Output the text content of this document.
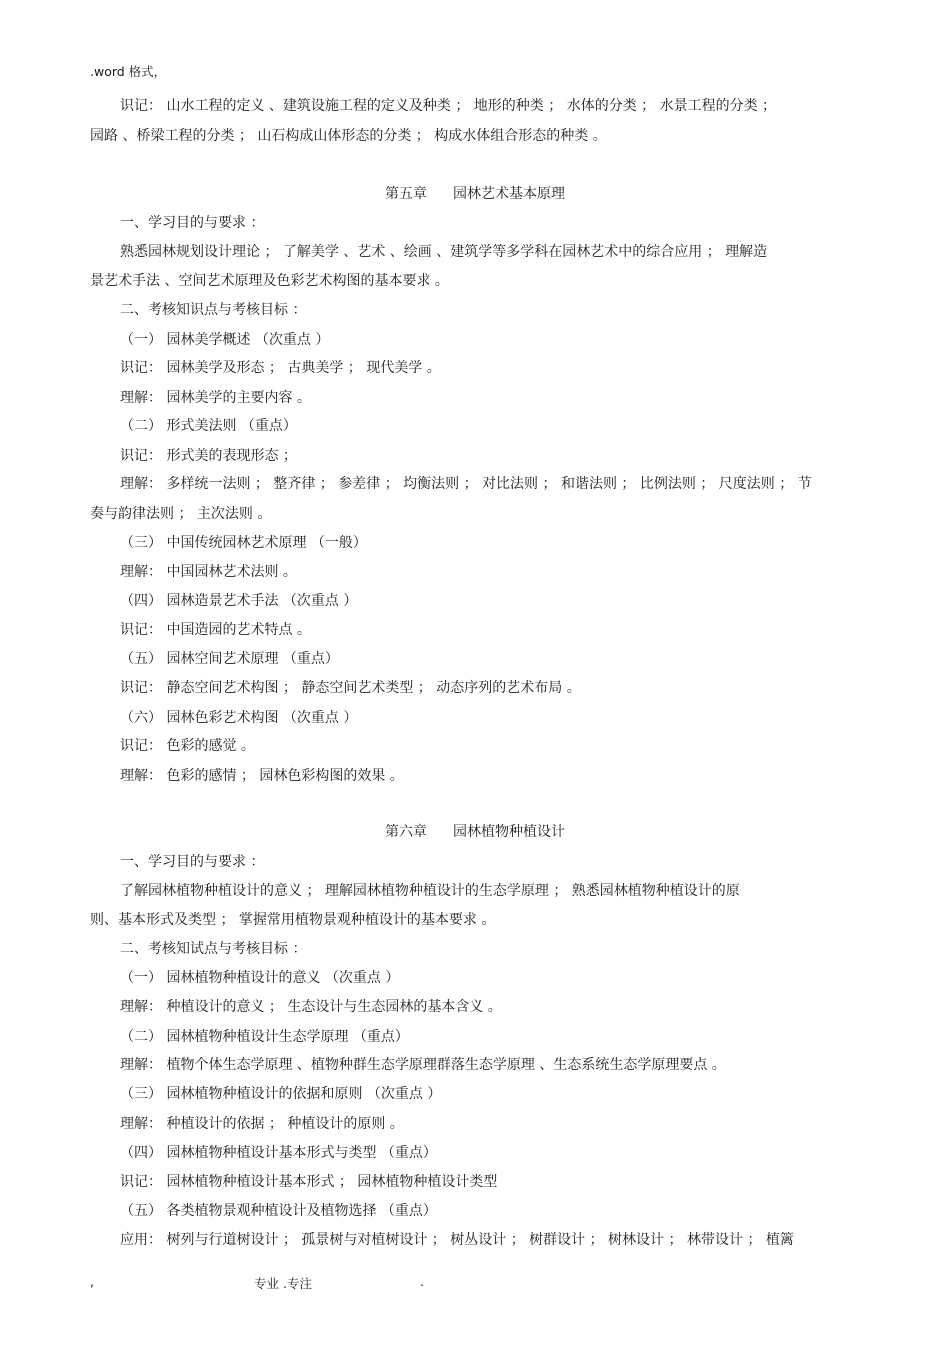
.word 格式，
识记： 山水工程的定义 、建筑设施工程的定义及种类 ； 地形的种类 ； 水体的分类 ； 水景工程的分类 ；
园路 、桥梁工程的分类 ； 山石构成山体形态的分类 ； 构成水体组合形态的种类 。
第五章 园林艺术基本原理
一、学习目的与要求 ：
熟悉园林规划设计理论 ； 了解美学 、艺术 、绘画 、建筑学等多学科在园林艺术中的综合应用 ； 理解造
景艺术手法 、空间艺术原理及色彩艺术构图的基本要求 。
二、考核知识点与考核目标 ：
（一） 园林美学概述 （次重点 ）
识记： 园林美学及形态 ； 古典美学 ； 现代美学 。
理解： 园林美学的主要内容 。
（二） 形式美法则 （重点）
识记： 形式美的表现形态 ；
理解： 多样统一法则 ； 整齐律 ； 参差律 ； 均衡法则 ； 对比法则 ； 和谐法则 ； 比例法则 ； 尺度法则 ； 节
奏与韵律法则 ； 主次法则 。
（三） 中国传统园林艺术原理 （一般）
理解： 中国园林艺术法则 。
（四） 园林造景艺术手法 （次重点 ）
识记： 中国造园的艺术特点 。
（五） 园林空间艺术原理 （重点）
识记： 静态空间艺术构图 ； 静态空间艺术类型 ； 动态序列的艺术布局 。
（六） 园林色彩艺术构图 （次重点 ）
识记： 色彩的感觉 。
理解： 色彩的感情 ； 园林色彩构图的效果 。
第六章 园林植物种植设计
一、学习目的与要求 ：
了解园林植物种植设计的意义 ； 理解园林植物种植设计的生态学原理 ； 熟悉园林植物种植设计的原
则、基本形式及类型 ； 掌握常用植物景观种植设计的基本要求 。
二、考核知试点与考核目标 ：
（一） 园林植物种植设计的意义 （次重点 ）
理解： 种植设计的意义 ； 生态设计与生态园林的基本含义 。
（二） 园林植物种植设计生态学原理 （重点）
理解： 植物个体生态学原理 、植物种群生态学原理群落生态学原理 、生态系统生态学原理要点 。
（三） 园林植物种植设计的依据和原则 （次重点 ）
理解： 种植设计的依据 ； 种植设计的原则 。
（四） 园林植物种植设计基本形式与类型 （重点）
识记： 园林植物种植设计基本形式 ； 园林植物种植设计类型
（五） 各类植物景观种植设计及植物选择 （重点）
应用： 树列与行道树设计 ； 孤景树与对植树设计 ； 树丛设计 ； 树群设计 ； 树林设计 ； 林带设计 ； 植篱
,	专业 .专注	.
